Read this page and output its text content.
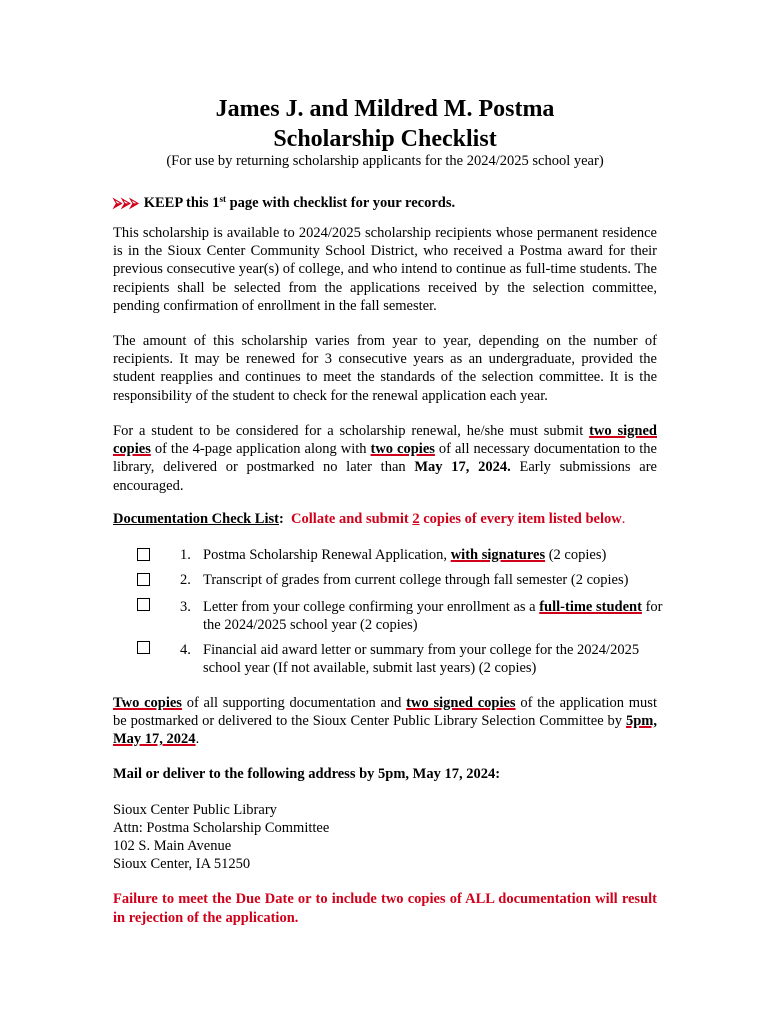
James J. and Mildred M. Postma
Scholarship Checklist
(For use by returning scholarship applicants for the 2024/2025 school year)
⮚⮚⮚ KEEP this 1st page with checklist for your records.
This scholarship is available to 2024/2025 scholarship recipients whose permanent residence is in the Sioux Center Community School District, who received a Postma award for their previous consecutive year(s) of college, and who intend to continue as full-time students. The recipients shall be selected from the applications received by the selection committee, pending confirmation of enrollment in the fall semester.
The amount of this scholarship varies from year to year, depending on the number of recipients. It may be renewed for 3 consecutive years as an undergraduate, provided the student reapplies and continues to meet the standards of the selection committee. It is the responsibility of the student to check for the renewal application each year.
For a student to be considered for a scholarship renewal, he/she must submit two signed copies of the 4-page application along with two copies of all necessary documentation to the library, delivered or postmarked no later than May 17, 2024. Early submissions are encouraged.
Documentation Check List: Collate and submit 2 copies of every item listed below.
1. Postma Scholarship Renewal Application, with signatures (2 copies)
2. Transcript of grades from current college through fall semester (2 copies)
3. Letter from your college confirming your enrollment as a full-time student for the 2024/2025 school year (2 copies)
4. Financial aid award letter or summary from your college for the 2024/2025 school year (If not available, submit last years) (2 copies)
Two copies of all supporting documentation and two signed copies of the application must be postmarked or delivered to the Sioux Center Public Library Selection Committee by 5pm, May 17, 2024.
Mail or deliver to the following address by 5pm, May 17, 2024:
Sioux Center Public Library
Attn: Postma Scholarship Committee
102 S. Main Avenue
Sioux Center, IA 51250
Failure to meet the Due Date or to include two copies of ALL documentation will result in rejection of the application.
